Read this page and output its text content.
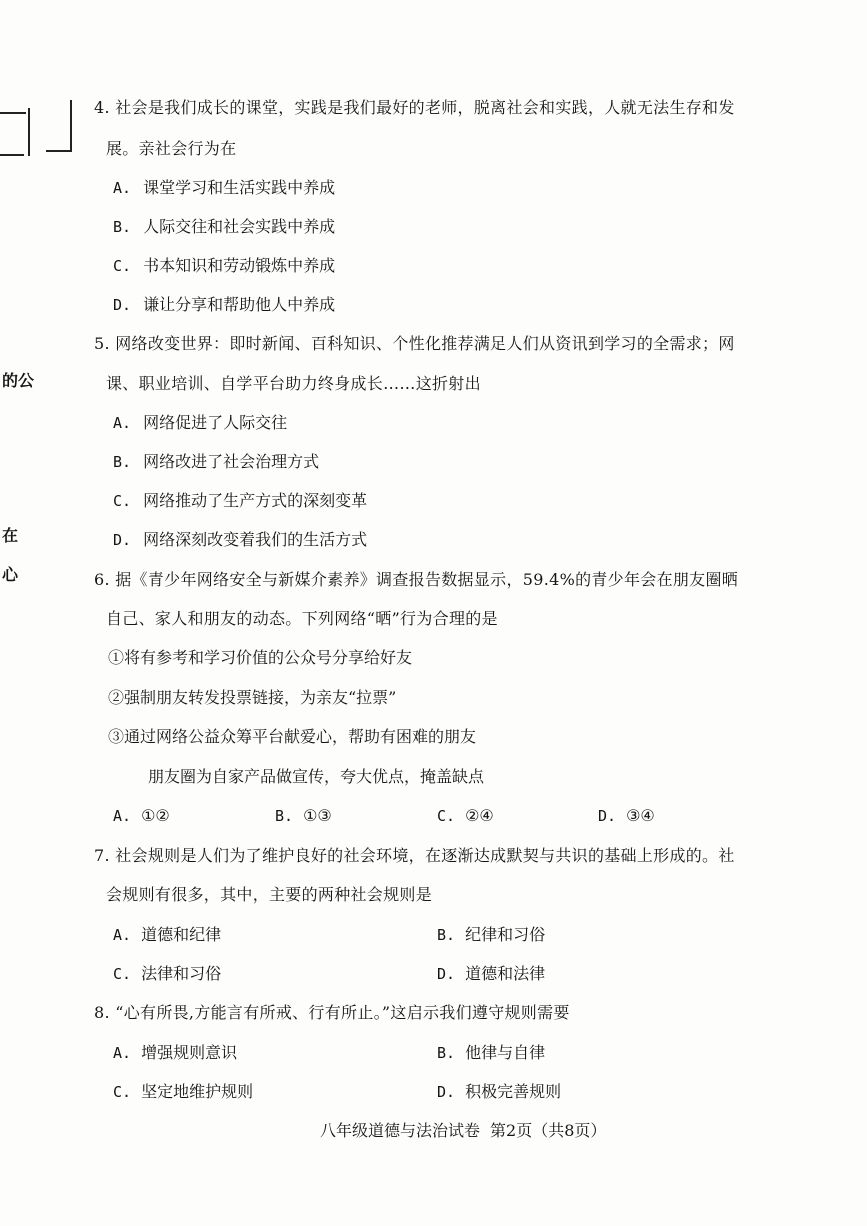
的公
在
心
4. 社会是我们成长的课堂，实践是我们最好的老师，脱离社会和实践，人就无法生存和发
展。亲社会行为在
A. 课堂学习和生活实践中养成
B. 人际交往和社会实践中养成
C. 书本知识和劳动锻炼中养成
D. 谦让分享和帮助他人中养成
5. 网络改变世界：即时新闻、百科知识、个性化推荐满足人们从资讯到学习的全需求；网
课、职业培训、自学平台助力终身成长……这折射出
A. 网络促进了人际交往
B. 网络改进了社会治理方式
C. 网络推动了生产方式的深刻变革
D. 网络深刻改变着我们的生活方式
6. 据《青少年网络安全与新媒介素养》调查报告数据显示，59.4%的青少年会在朋友圈晒
自己、家人和朋友的动态。下列网络“晒”行为合理的是
①将有参考和学习价值的公众号分享给好友
②强制朋友转发投票链接，为亲友“拉票”
③通过网络公益众筹平台献爱心，帮助有困难的朋友
朋友圈为自家产品做宣传，夸大优点，掩盖缺点
A. ①②	B. ①③	C. ②④	D. ③④
7. 社会规则是人们为了维护良好的社会环境，在逐渐达成默契与共识的基础上形成的。社
会规则有很多，其中，主要的两种社会规则是
A. 道德和纪律	B. 纪律和习俗
C. 法律和习俗	D. 道德和法律
8. “心有所畏,方能言有所戒、行有所止。”这启示我们遵守规则需要
A. 增强规则意识	B. 他律与自律
C. 坚定地维护规则	D. 积极完善规则
八年级道德与法治试卷 第2页（共8页）
